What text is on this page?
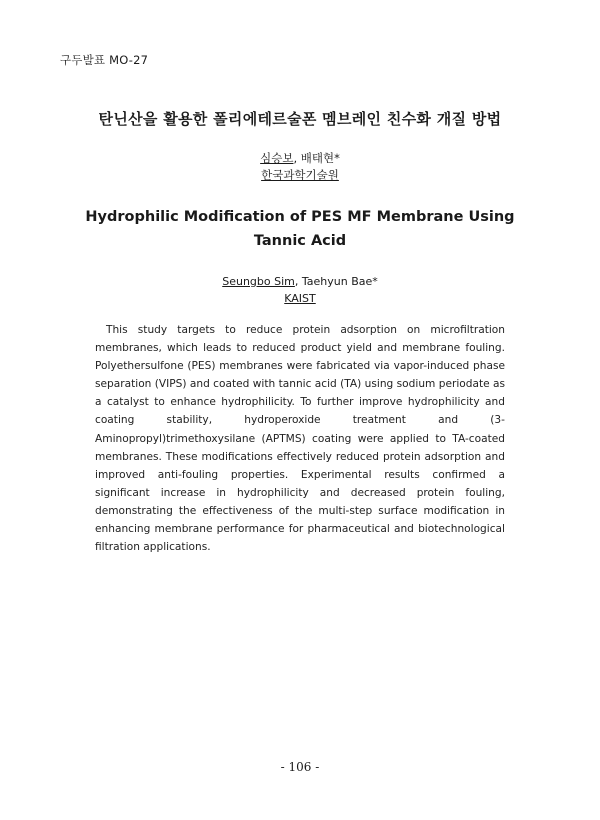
구두발표 MO-27
탄닌산을 활용한 폴리에테르술폰 멤브레인 친수화 개질 방법
심승보, 배태현*
한국과학기술원
Hydrophilic Modification of PES MF Membrane Using
Tannic Acid
Seungbo Sim, Taehyun Bae*
KAIST
This study targets to reduce protein adsorption on microfiltration membranes, which leads to reduced product yield and membrane fouling. Polyethersulfone (PES) membranes were fabricated via vapor-induced phase separation (VIPS) and coated with tannic acid (TA) using sodium periodate as a catalyst to enhance hydrophilicity. To further improve hydrophilicity and coating stability, hydroperoxide treatment and (3-Aminopropyl)trimethoxysilane (APTMS) coating were applied to TA-coated membranes. These modifications effectively reduced protein adsorption and improved anti-fouling properties. Experimental results confirmed a significant increase in hydrophilicity and decreased protein fouling, demonstrating the effectiveness of the multi-step surface modification in enhancing membrane performance for pharmaceutical and biotechnological filtration applications.
- 106 -
